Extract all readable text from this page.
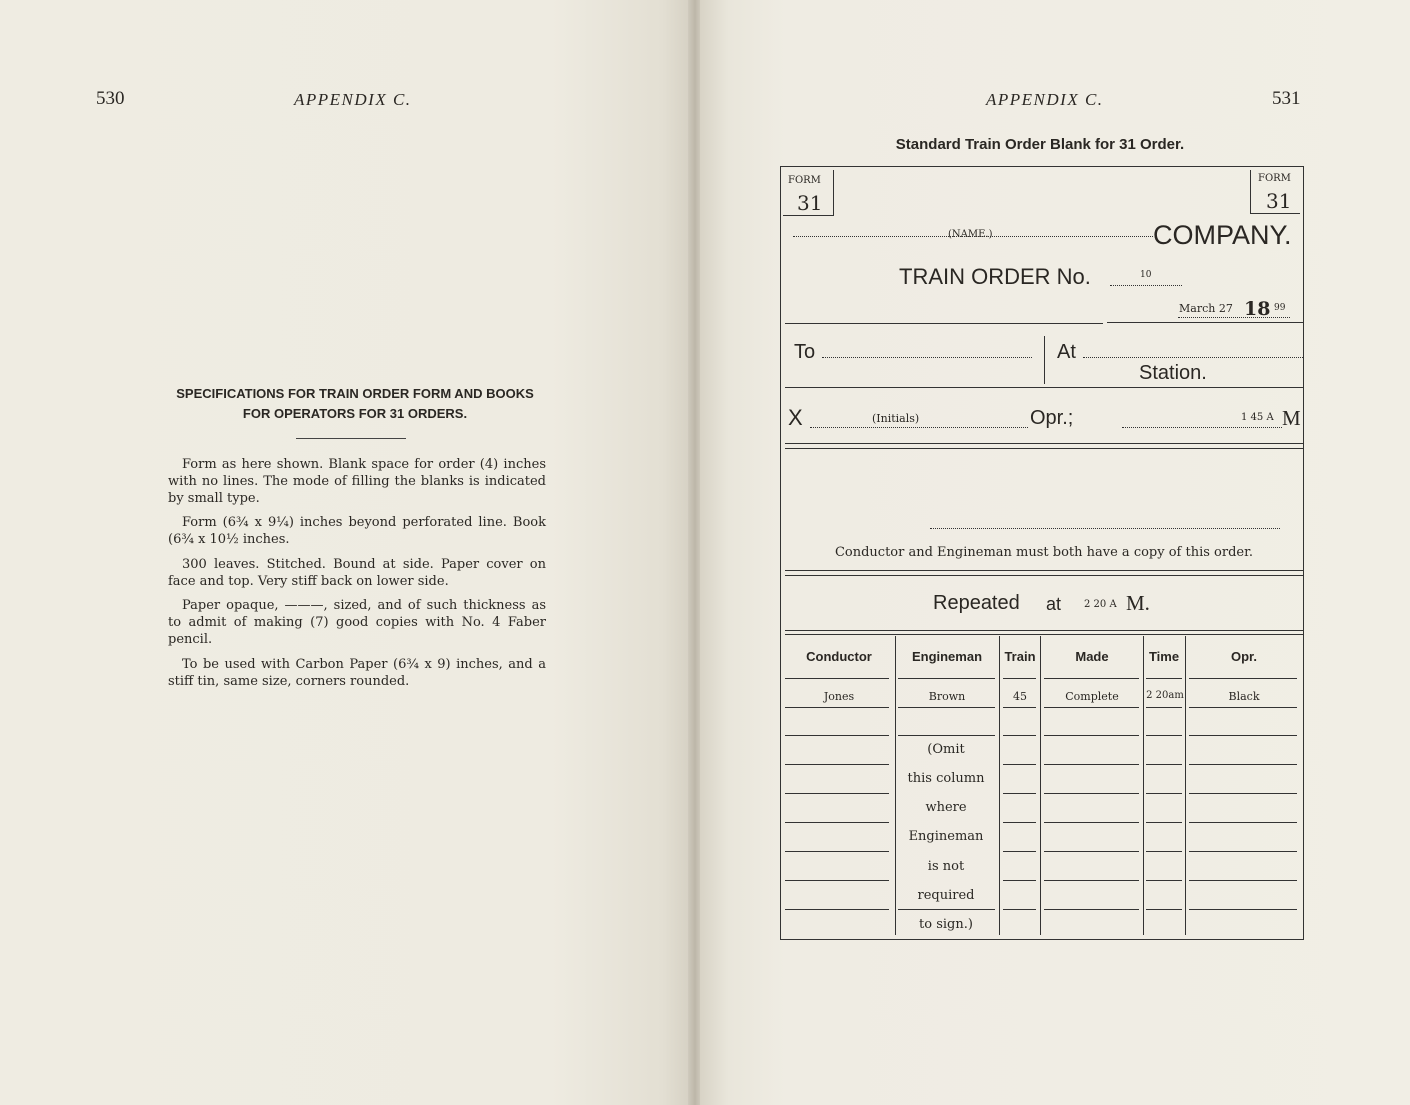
530	APPENDIX C.
SPECIFICATIONS FOR TRAIN ORDER FORM AND BOOKS
FOR OPERATORS FOR 31 ORDERS.

Form as here shown. Blank space for order (4) inches with no lines. The mode of filling the blanks is indicated by small type.

Form (6¾ x 9¼) inches beyond perforated line. Book (6¾ x 10½ inches.

300 leaves. Stitched. Bound at side. Paper cover on face and top. Very stiff back on lower side.

Paper opaque, ———, sized, and of such thickness as to admit of making (7) good copies with No. 4 Faber pencil.

To be used with Carbon Paper (6¾ x 9) inches, and a stiff tin, same size, corners rounded.

APPENDIX C.	531
Standard Train Order Blank for 31 Order.
FORM
31
FORM
31
(NAME.)	COMPANY.
TRAIN ORDER No.	10
March 27 18 99
To	At
Station.
X	(Initials)	Opr.;	1 45 A M
Conductor and Engineman must both have a copy of this order.
Repeated at 2 20 A M.
Conductor	Engineman	Train	Made	Time	Opr.
Jones	Brown	45	Complete	2 20am	Black
(Omit
this column
where
Engineman
is not
required
to sign.)
